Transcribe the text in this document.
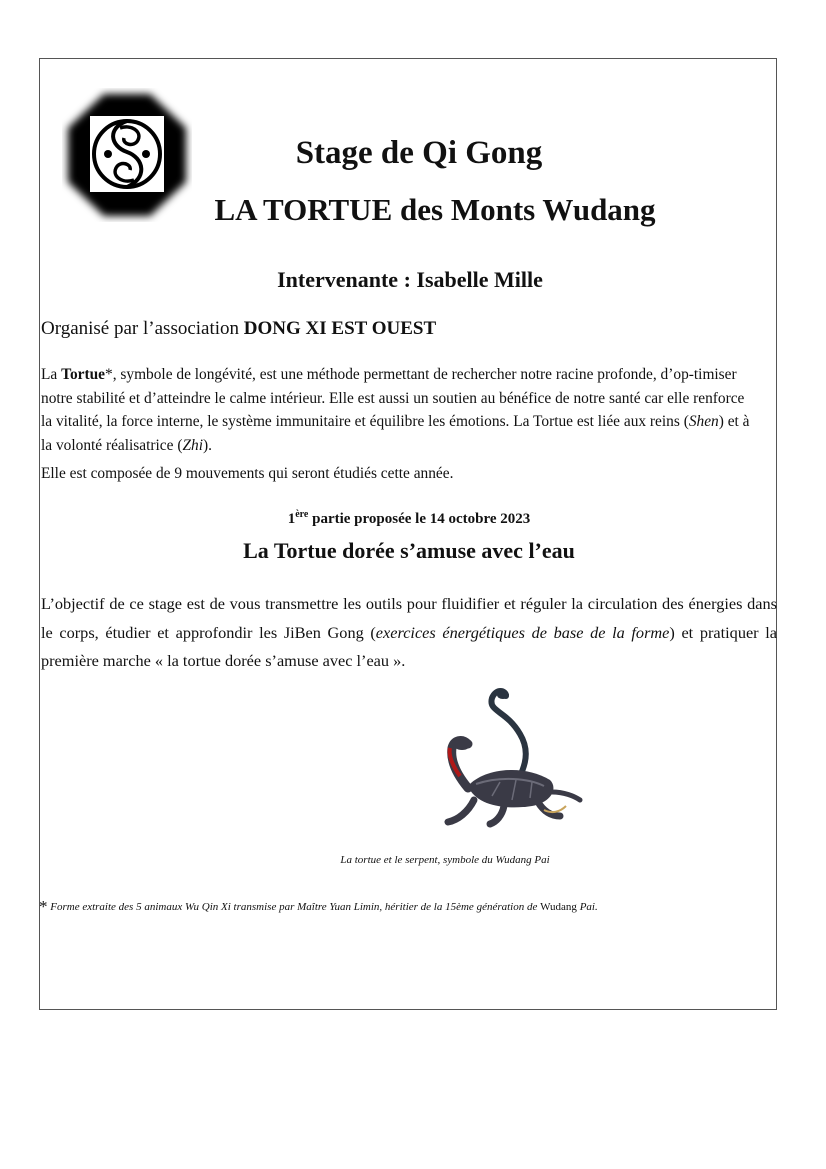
Stage de Qi Gong
LA TORTUE des Monts Wudang
Intervenante : Isabelle Mille
Organisé par l’association DONG XI EST OUEST

La Tortue*, symbole de longévité, est une méthode permettant de rechercher notre racine profonde, d’op-timiser notre stabilité et d’atteindre le calme intérieur. Elle est aussi un soutien au bénéfice de notre santé car elle renforce la vitalité, la force interne, le système immunitaire et équilibre les émotions. La Tortue est liée aux reins (Shen) et à la volonté réalisatrice (Zhi).

Elle est composée de 9 mouvements qui seront étudiés cette année.

1ère partie proposée le 14 octobre 2023
La Tortue dorée s’amuse avec l’eau
L’objectif de ce stage est de vous transmettre les outils pour fluidifier et réguler la circulation des énergies dans le corps, étudier et approfondir les JiBen Gong (exercices énergétiques de base de la forme) et pratiquer la première marche « la tortue dorée s’amuse avec l’eau ».
La tortue et le serpent, symbole du Wudang Pai
* Forme extraite des 5 animaux Wu Qin Xi transmise par Maître Yuan Limin, héritier de la 15ème génération de Wudang Pai.
